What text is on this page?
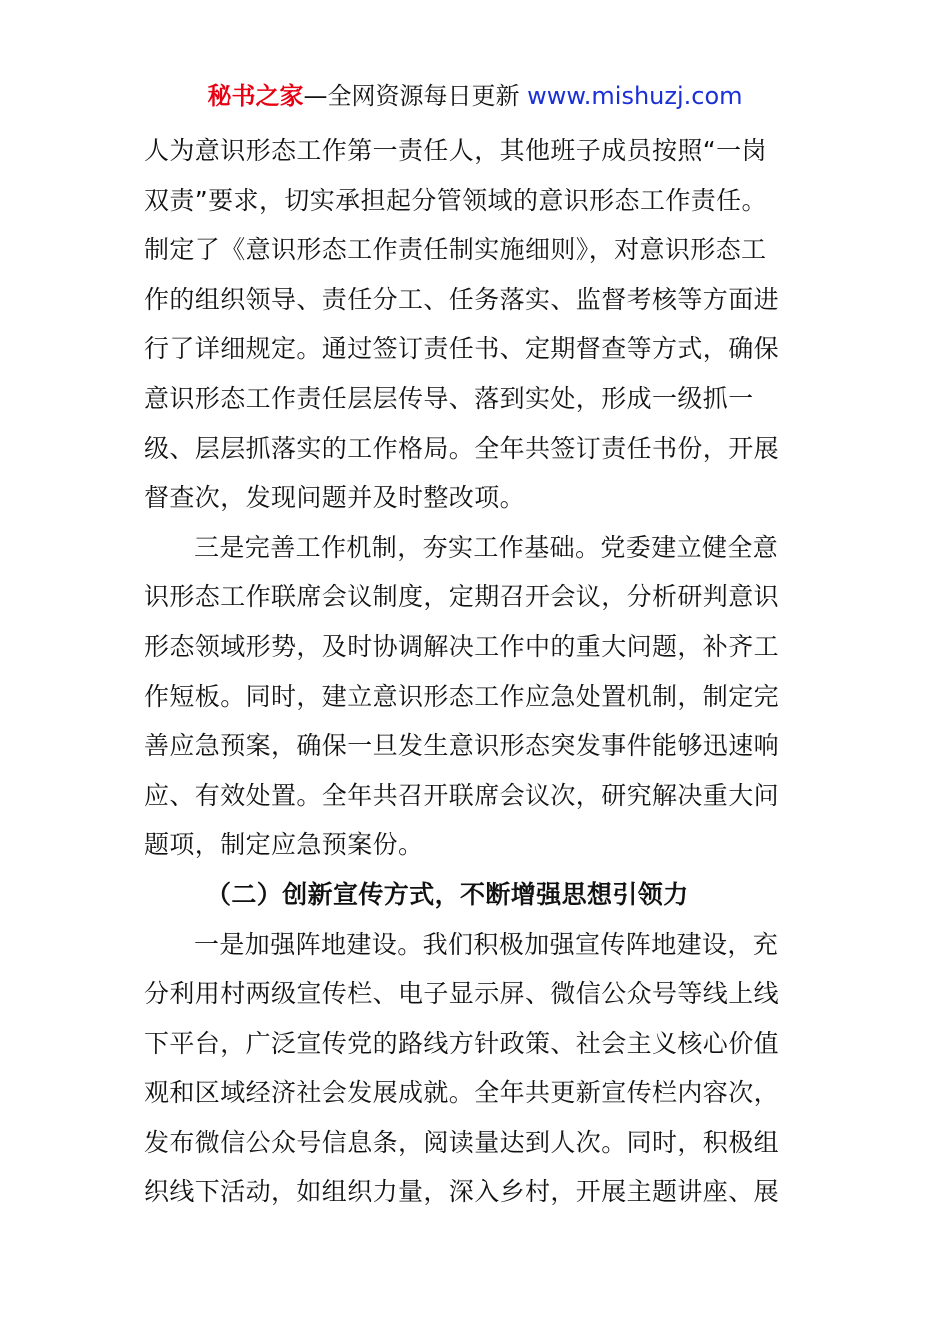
秘书之家—全网资源每日更新 www.mishuzj.com
人为意识形态工作第一责任人，其他班子成员按照“一岗
双责”要求，切实承担起分管领域的意识形态工作责任。
制定了《意识形态工作责任制实施细则》，对意识形态工
作的组织领导、责任分工、任务落实、监督考核等方面进
行了详细规定。通过签订责任书、定期督查等方式，确保
意识形态工作责任层层传导、落到实处，形成一级抓一
级、层层抓落实的工作格局。全年共签订责任书份，开展
督查次，发现问题并及时整改项。
三是完善工作机制，夯实工作基础。党委建立健全意
识形态工作联席会议制度，定期召开会议，分析研判意识
形态领域形势，及时协调解决工作中的重大问题，补齐工
作短板。同时，建立意识形态工作应急处置机制，制定完
善应急预案，确保一旦发生意识形态突发事件能够迅速响
应、有效处置。全年共召开联席会议次，研究解决重大问
题项，制定应急预案份。
（二）创新宣传方式，不断增强思想引领力
一是加强阵地建设。我们积极加强宣传阵地建设，充
分利用村两级宣传栏、电子显示屏、微信公众号等线上线
下平台，广泛宣传党的路线方针政策、社会主义核心价值
观和区域经济社会发展成就。全年共更新宣传栏内容次，
发布微信公众号信息条，阅读量达到人次。同时，积极组
织线下活动，如组织力量，深入乡村，开展主题讲座、展
